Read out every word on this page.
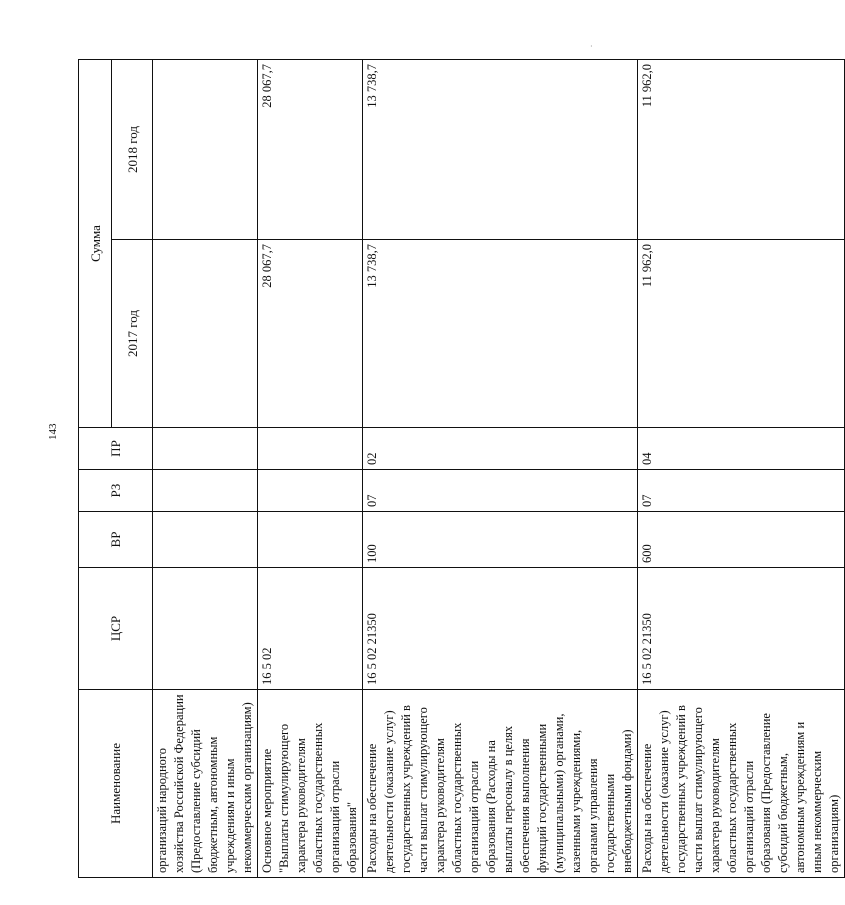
143
·
Наименование	ЦСР	ВР	РЗ	ПР	Сумма	
					2017 год	2018 год
организаций народного хозяйства Российской Федерации (Предоставление субсидий бюджетным, автономным учреждениям и иным некоммерческим организациям)						
Основное мероприятие "Выплаты стимулирующего характера руководителям областных государственных организаций отрасли образования"	16 5 02				28 067,7	28 067,7
Расходы на обеспечение деятельности (оказание услуг) государственных учреждений в части выплат стимулирующего характера руководителям областных государственных организаций отрасли образования (Расходы на выплаты персоналу в целях обеспечения выполнения функций государственными (муниципальными) органами, казенными учреждениями, органами управления государственными внебюджетными фондами)	16 5 02 21350	100	07	02	13 738,7	13 738,7
Расходы на обеспечение деятельности (оказание услуг) государственных учреждений в части выплат стимулирующего характера руководителям областных государственных организаций отрасли образования (Предоставление субсидий бюджетным, автономным учреждениям и иным некоммерческим организациям)	16 5 02 21350	600	07	04	11 962,0	11 962,0
